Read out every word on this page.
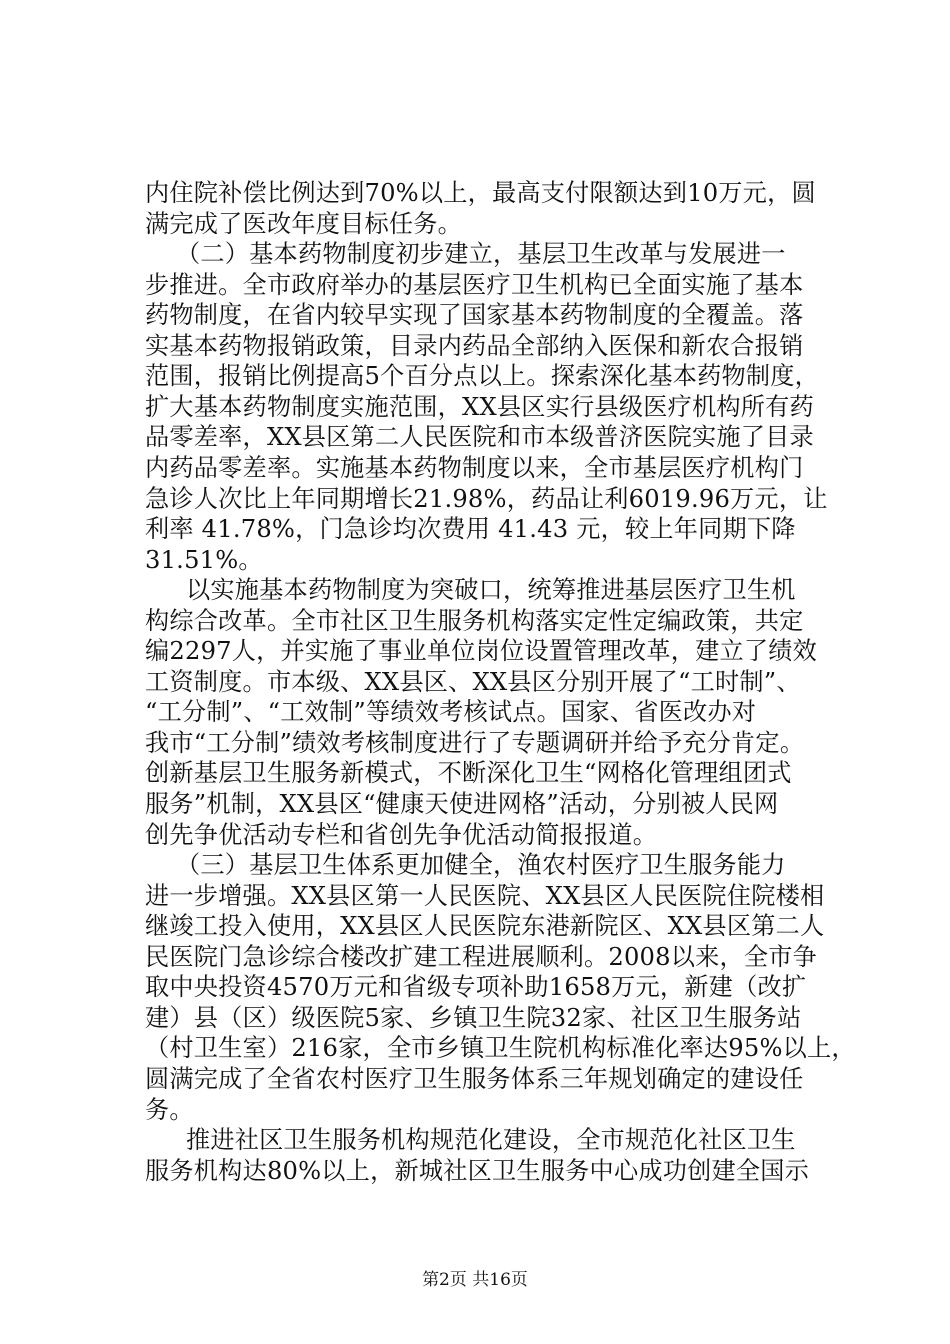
内住院补偿比例达到70%以上，最高支付限额达到10万元，圆
满完成了医改年度目标任务。
（二）基本药物制度初步建立，基层卫生改革与发展进一
步推进。全市政府举办的基层医疗卫生机构已全面实施了基本
药物制度，在省内较早实现了国家基本药物制度的全覆盖。落
实基本药物报销政策，目录内药品全部纳入医保和新农合报销
范围，报销比例提高5个百分点以上。探索深化基本药物制度，
扩大基本药物制度实施范围，XX县区实行县级医疗机构所有药
品零差率，XX县区第二人民医院和市本级普济医院实施了目录
内药品零差率。实施基本药物制度以来，全市基层医疗机构门
急诊人次比上年同期增长21.98%，药品让利6019.96万元，让
利率 41.78%，门急诊均次费用 41.43 元，较上年同期下降
31.51%。
以实施基本药物制度为突破口，统筹推进基层医疗卫生机
构综合改革。全市社区卫生服务机构落实定性定编政策，共定
编2297人，并实施了事业单位岗位设置管理改革，建立了绩效
工资制度。市本级、XX县区、XX县区分别开展了“工时制”、
“工分制”、“工效制”等绩效考核试点。国家、省医改办对
我市“工分制”绩效考核制度进行了专题调研并给予充分肯定。
创新基层卫生服务新模式，不断深化卫生“网格化管理组团式
服务”机制，XX县区“健康天使进网格”活动，分别被人民网
创先争优活动专栏和省创先争优活动简报报道。
（三）基层卫生体系更加健全，渔农村医疗卫生服务能力
进一步增强。XX县区第一人民医院、XX县区人民医院住院楼相
继竣工投入使用，XX县区人民医院东港新院区、XX县区第二人
民医院门急诊综合楼改扩建工程进展顺利。2008以来，全市争
取中央投资4570万元和省级专项补助1658万元，新建（改扩
建）县（区）级医院5家、乡镇卫生院32家、社区卫生服务站
（村卫生室）216家，全市乡镇卫生院机构标准化率达95%以上，
圆满完成了全省农村医疗卫生服务体系三年规划确定的建设任
务。
推进社区卫生服务机构规范化建设，全市规范化社区卫生
服务机构达80%以上，新城社区卫生服务中心成功创建全国示
第2页 共16页
